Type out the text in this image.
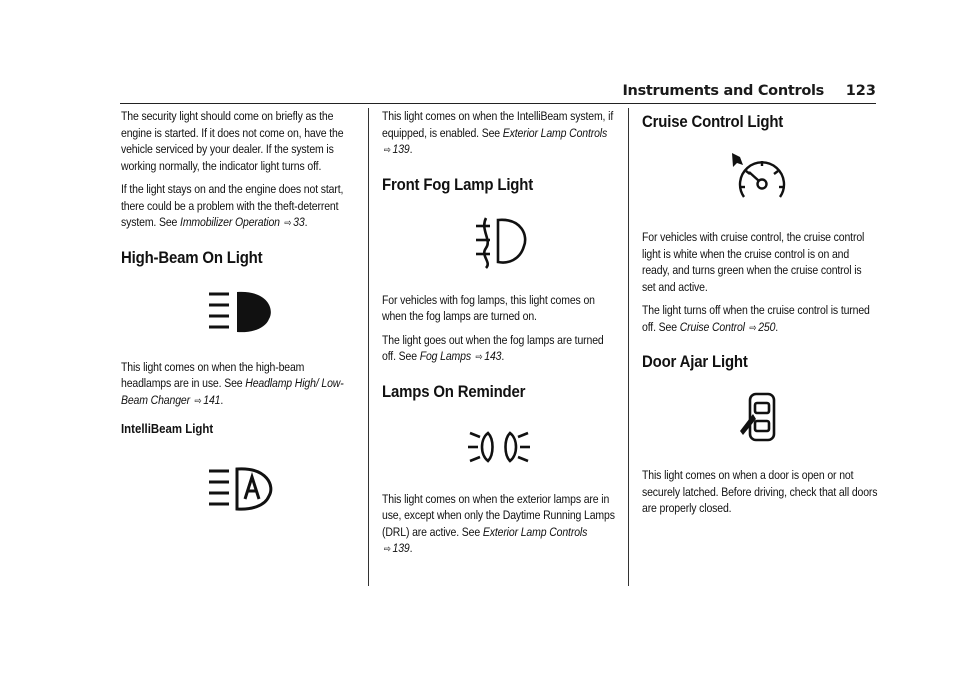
Instruments and Controls 123

The security light should come on briefly as the engine is started. If it does not come on, have the vehicle serviced by your dealer. If the system is working normally, the indicator light turns off.

If the light stays on and the engine does not start, there could be a problem with the theft-deterrent system. See Immobilizer Operation ⇨ 33.

High-Beam On Light

This light comes on when the high-beam headlamps are in use. See Headlamp High/ Low-Beam Changer ⇨ 141.

IntelliBeam Light

This light comes on when the IntelliBeam system, if equipped, is enabled. See Exterior Lamp Controls ⇨ 139.

Front Fog Lamp Light

For vehicles with fog lamps, this light comes on when the fog lamps are turned on.

The light goes out when the fog lamps are turned off. See Fog Lamps ⇨ 143.

Lamps On Reminder

This light comes on when the exterior lamps are in use, except when only the Daytime Running Lamps (DRL) are active. See Exterior Lamp Controls ⇨ 139.

Cruise Control Light

For vehicles with cruise control, the cruise control light is white when the cruise control is on and ready, and turns green when the cruise control is set and active.

The light turns off when the cruise control is turned off. See Cruise Control ⇨ 250.

Door Ajar Light

This light comes on when a door is open or not securely latched. Before driving, check that all doors are properly closed.
